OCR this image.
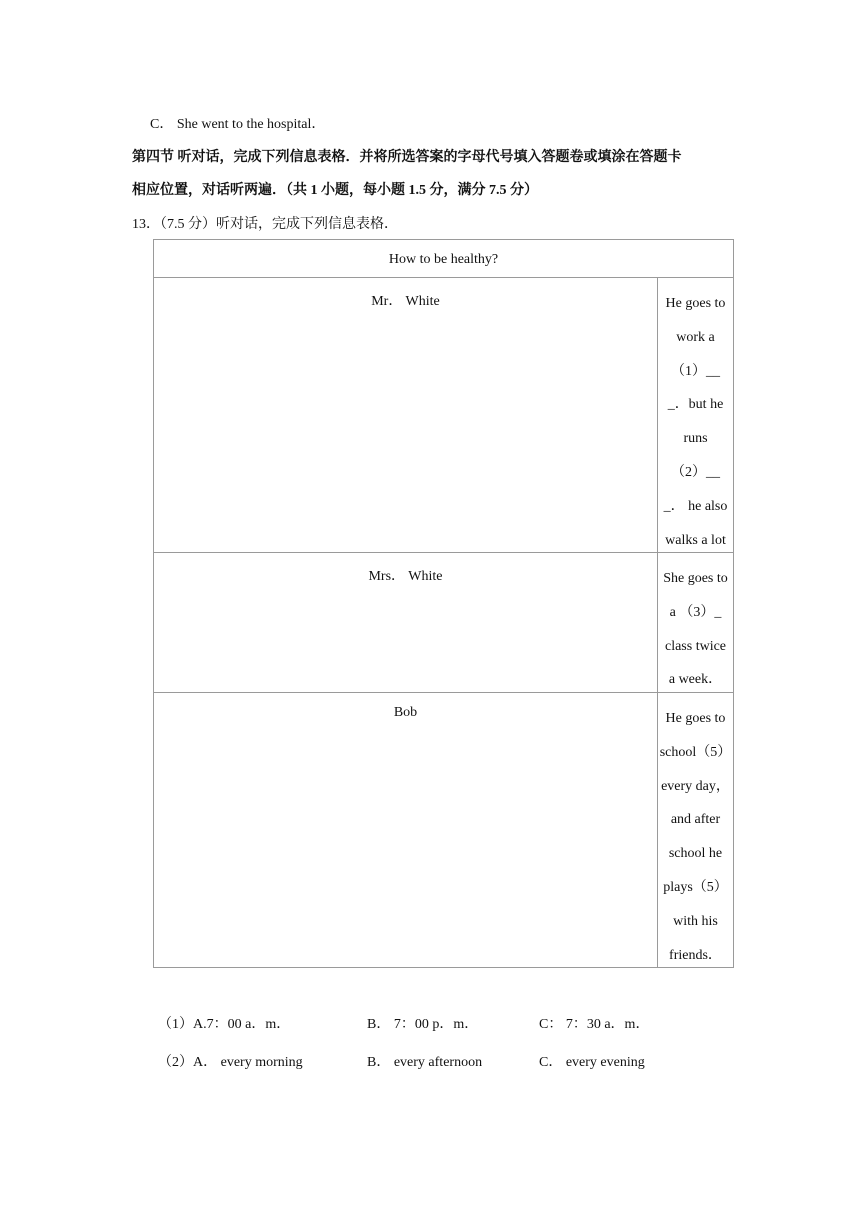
C． She went to the hospital．
第四节 听对话，完成下列信息表格．并将所选答案的字母代号填入答题卷或填涂在答题卡
相应位置，对话听两遍．（共 1 小题，每小题 1.5 分，满分 7.5 分）
13．（7.5 分）听对话，完成下列信息表格．
How to be healthy?
Mr． White	He goes to
work a
（1）__
_．but he
runs
（2）__
_． he also
walks a lot
Mrs． White	She goes to
a （3）_
class twice
a week．
Bob	He goes to
school（5）
every day，
and after
school he
plays（5）
with his
friends．
（1）A.7：00 a．m．	B． 7：00 p．m．	C： 7：30 a．m．
（2）A． every morning	B． every afternoon	C． every evening
